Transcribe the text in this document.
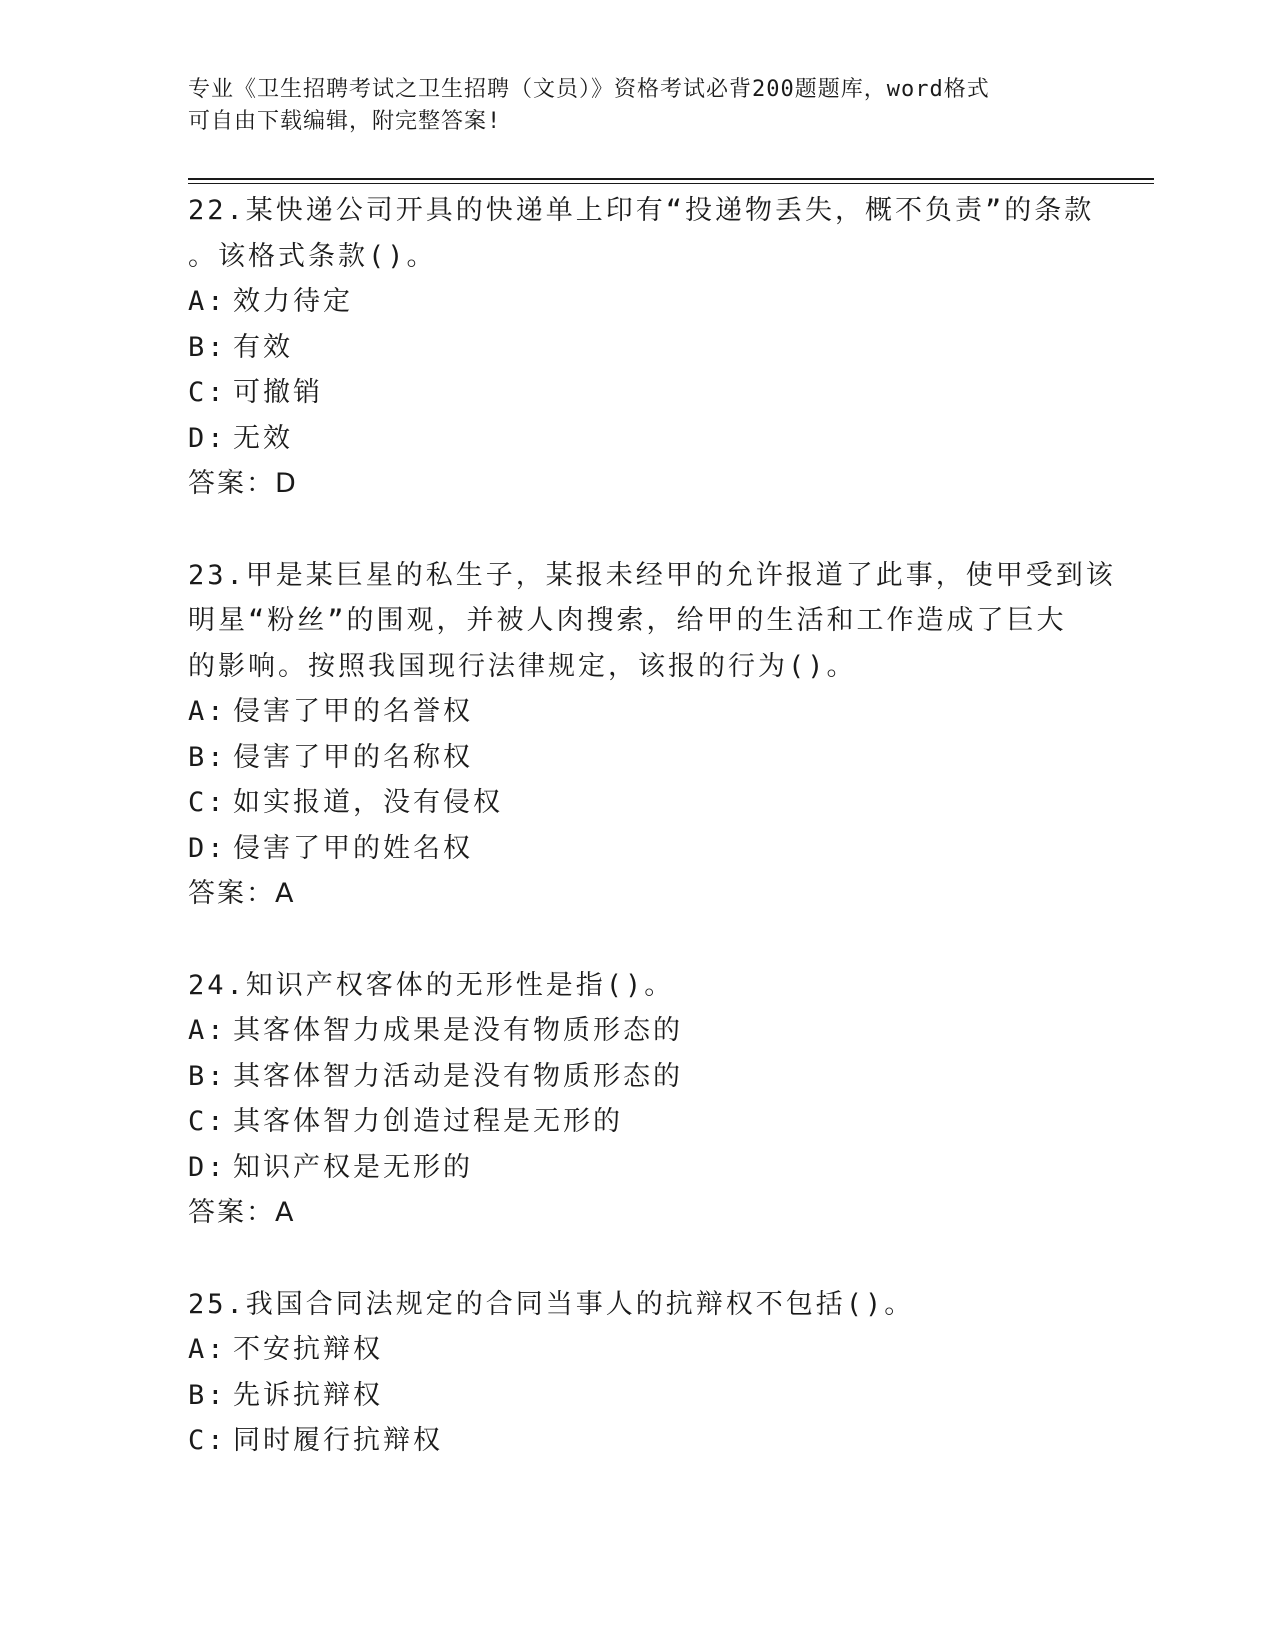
专业《卫生招聘考试之卫生招聘（文员）》资格考试必背200题题库，word格式
可自由下载编辑，附完整答案!
22.某快递公司开具的快递单上印有“投递物丢失，概不负责”的条款
。该格式条款()。
A: 效力待定
B: 有效
C: 可撤销
D: 无效
答案：D
23.甲是某巨星的私生子，某报未经甲的允许报道了此事，使甲受到该
明星“粉丝”的围观，并被人肉搜索，给甲的生活和工作造成了巨大
的影响。按照我国现行法律规定，该报的行为()。
A: 侵害了甲的名誉权
B: 侵害了甲的名称权
C: 如实报道，没有侵权
D: 侵害了甲的姓名权
答案：A
24.知识产权客体的无形性是指()。
A: 其客体智力成果是没有物质形态的
B: 其客体智力活动是没有物质形态的
C: 其客体智力创造过程是无形的
D: 知识产权是无形的
答案：A
25.我国合同法规定的合同当事人的抗辩权不包括()。
A: 不安抗辩权
B: 先诉抗辩权
C: 同时履行抗辩权
